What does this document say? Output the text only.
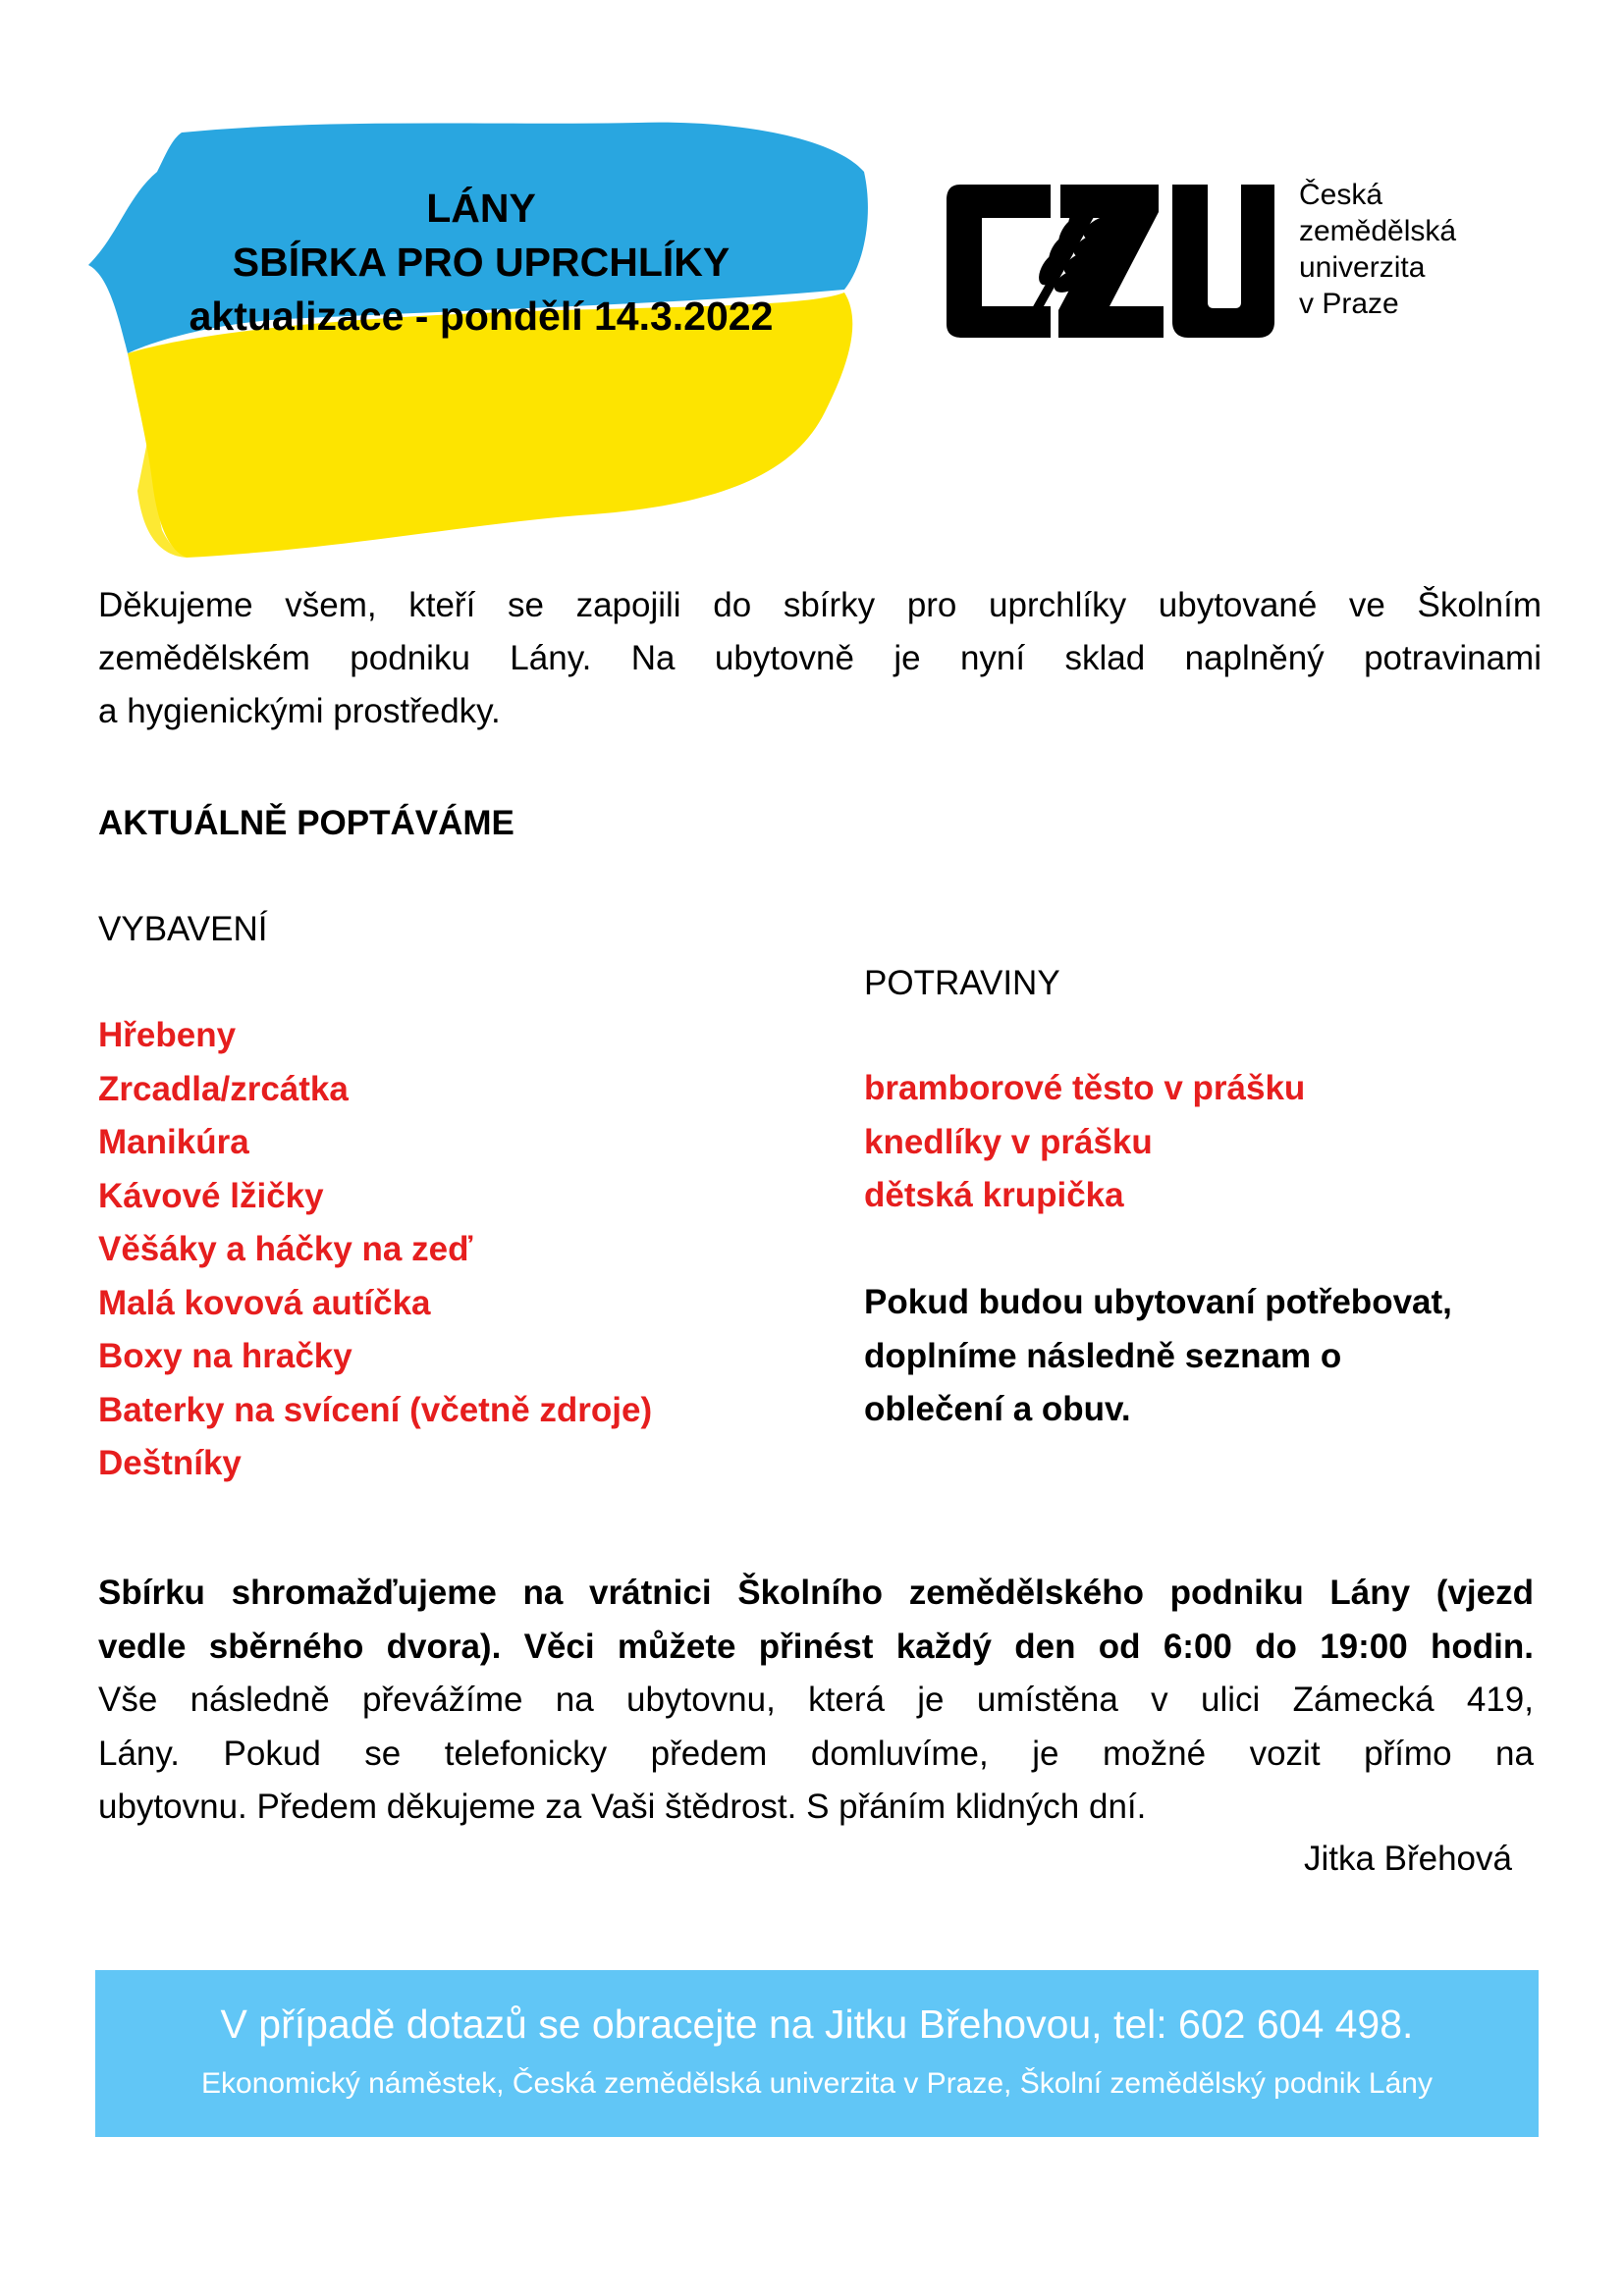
LÁNY
SBÍRKA PRO UPRCHLÍKY
aktualizace - pondělí 14.3.2022
Česká
zemědělská
univerzita
v Praze
Děkujeme všem, kteří se zapojili do sbírky pro uprchlíky ubytované ve Školním
zemědělském podniku Lány. Na ubytovně je nyní sklad naplněný potravinami
a hygienickými prostředky.
AKTUÁLNĚ POPTÁVÁME
VYBAVENÍ
Hřebeny
Zrcadla/zrcátka
Manikúra
Kávové lžičky
Věšáky a háčky na zeď
Malá kovová autíčka
Boxy na hračky
Baterky na svícení (včetně zdroje)
Deštníky
POTRAVINY
bramborové těsto v prášku
knedlíky v prášku
dětská krupička
Pokud budou ubytovaní potřebovat,
doplníme následně seznam o
oblečení a obuv.
Sbírku shromažďujeme na vrátnici Školního zemědělského podniku Lány (vjezd
vedle sběrného dvora). Věci můžete přinést každý den od 6:00 do 19:00 hodin.
Vše následně převážíme na ubytovnu, která je umístěna v ulici Zámecká 419,
Lány. Pokud se telefonicky předem domluvíme, je možné vozit přímo na
ubytovnu. Předem děkujeme za Vaši štědrost. S přáním klidných dní.
Jitka Břehová
V případě dotazů se obracejte na Jitku Břehovou, tel: 602 604 498.
Ekonomický náměstek, Česká zemědělská univerzita v Praze, Školní zemědělský podnik Lány
